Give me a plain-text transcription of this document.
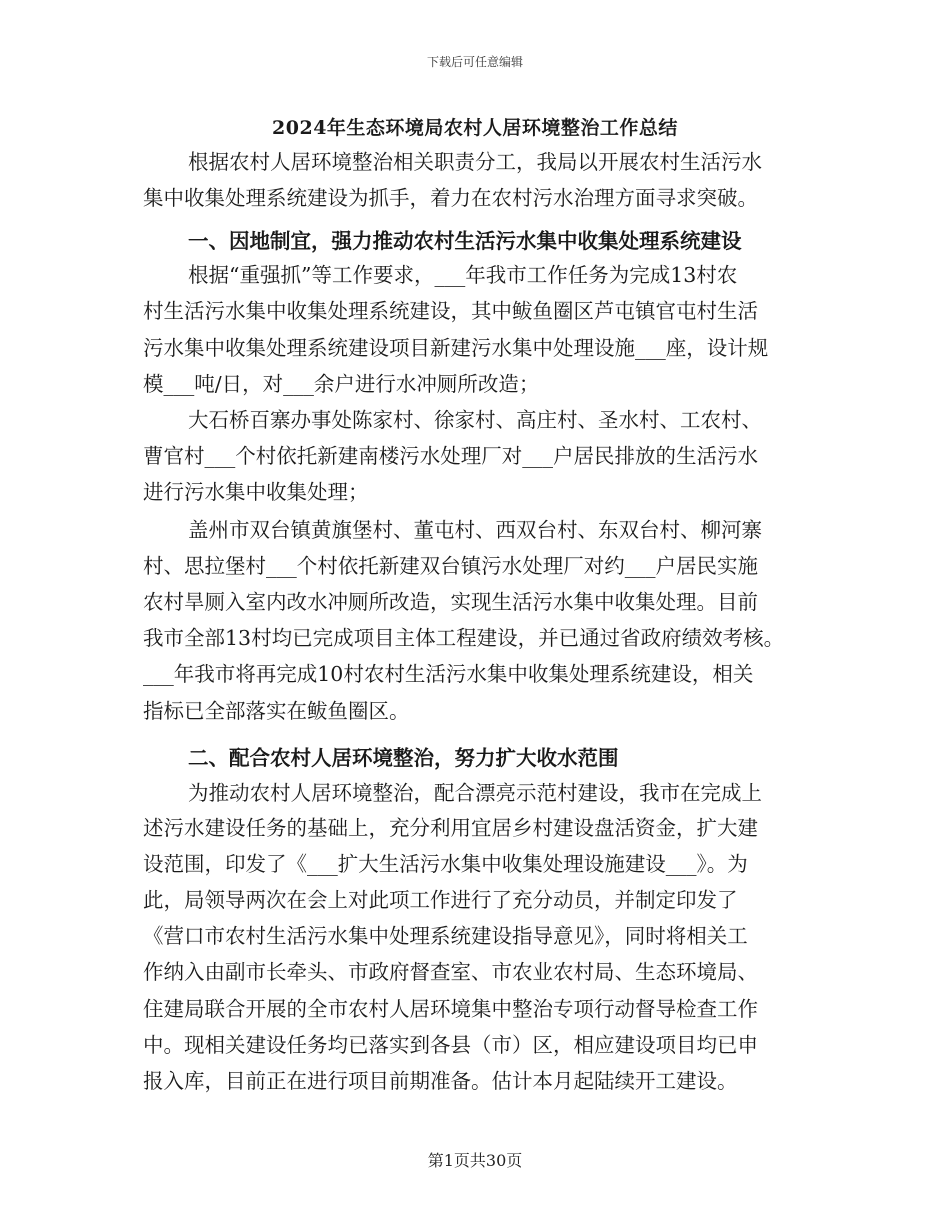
下载后可任意编辑
2024年生态环境局农村人居环境整治工作总结
根据农村人居环境整治相关职责分工，我局以开展农村生活污水
集中收集处理系统建设为抓手，着力在农村污水治理方面寻求突破。
一、因地制宜，强力推动农村生活污水集中收集处理系统建设
根据“重强抓”等工作要求，___年我市工作任务为完成13村农
村生活污水集中收集处理系统建设，其中鲅鱼圈区芦屯镇官屯村生活
污水集中收集处理系统建设项目新建污水集中处理设施___座，设计规
模___吨/日，对___余户进行水冲厕所改造；
大石桥百寨办事处陈家村、徐家村、高庄村、圣水村、工农村、
曹官村___个村依托新建南楼污水处理厂对___户居民排放的生活污水
进行污水集中收集处理；
盖州市双台镇黄旗堡村、董屯村、西双台村、东双台村、柳河寨
村、思拉堡村___个村依托新建双台镇污水处理厂对约___户居民实施
农村旱厕入室内改水冲厕所改造，实现生活污水集中收集处理。目前
我市全部13村均已完成项目主体工程建设，并已通过省政府绩效考核。
___年我市将再完成10村农村生活污水集中收集处理系统建设，相关
指标已全部落实在鲅鱼圈区。
二、配合农村人居环境整治，努力扩大收水范围
为推动农村人居环境整治，配合漂亮示范村建设，我市在完成上
述污水建设任务的基础上，充分利用宜居乡村建设盘活资金，扩大建
设范围，印发了《___扩大生活污水集中收集处理设施建设___》。为
此，局领导两次在会上对此项工作进行了充分动员，并制定印发了
《营口市农村生活污水集中处理系统建设指导意见》，同时将相关工
作纳入由副市长牵头、市政府督查室、市农业农村局、生态环境局、
住建局联合开展的全市农村人居环境集中整治专项行动督导检查工作
中。现相关建设任务均已落实到各县（市）区，相应建设项目均已申
报入库，目前正在进行项目前期准备。估计本月起陆续开工建设。
第1页共30页
